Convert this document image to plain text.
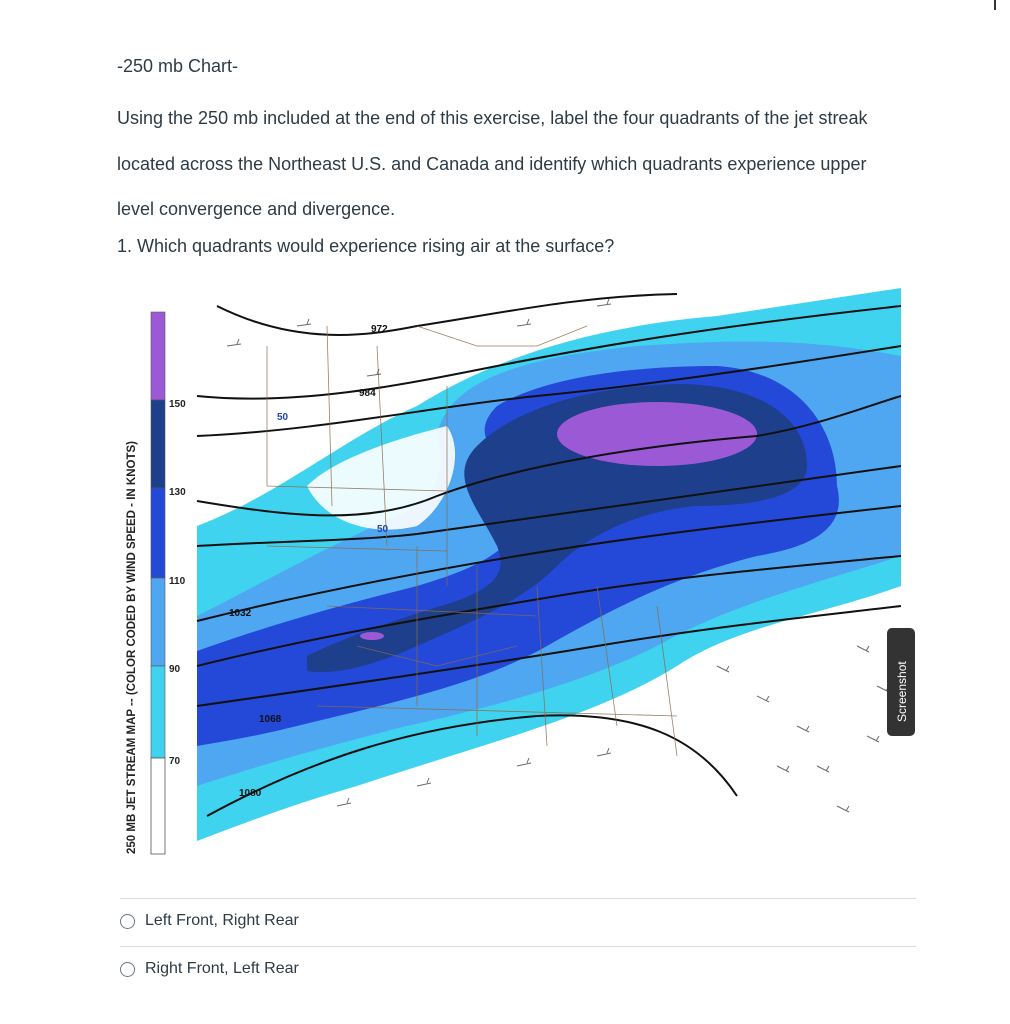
-250 mb Chart-
Using the 250 mb included at the end of this exercise, label the four quadrants of the jet streak located across the Northeast U.S. and Canada and identify which quadrants experience upper level convergence and divergence.
1. Which quadrants would experience rising air at the surface?
250 MB JET STREAM MAP -- (COLOR CODED BY WIND SPEED - IN KNOTS)
150
130
110
90
70
972
984
50
50
1032
1068
1080
Screenshot
Left Front, Right Rear
Right Front, Left Rear
